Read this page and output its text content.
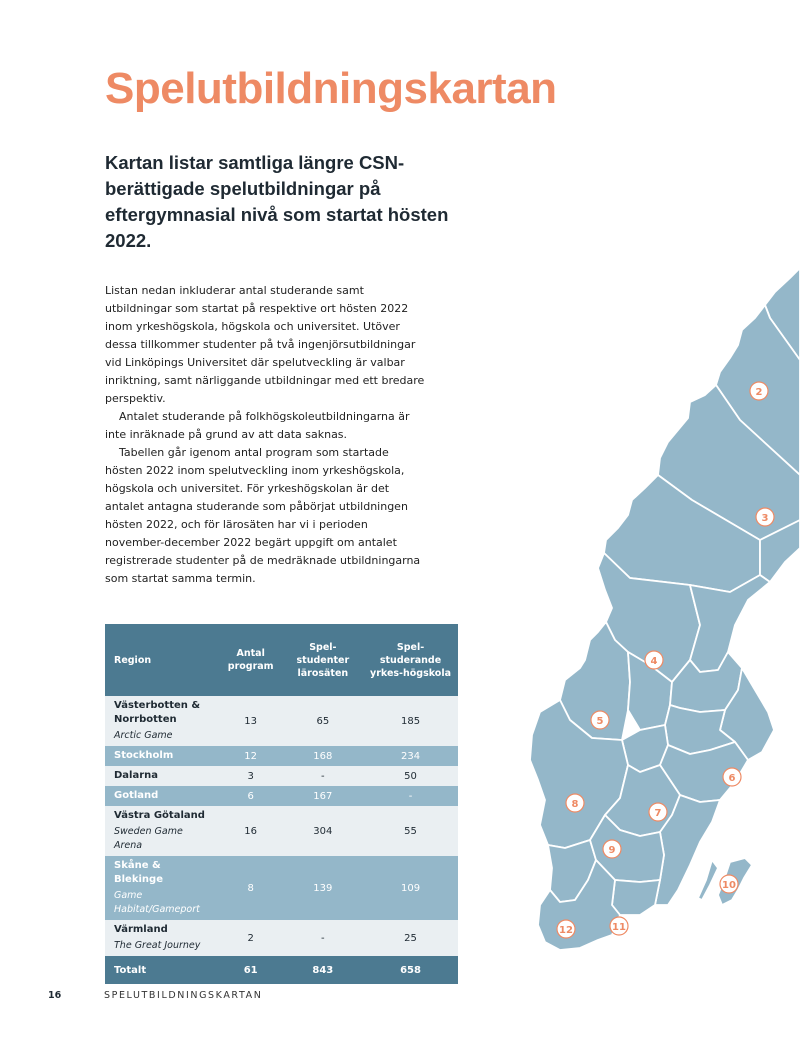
Spelutbildningskartan

Kartan listar samtliga längre CSN-berättigade spelutbildningar på eftergymnasial nivå som startat hösten 2022.

Listan nedan inkluderar antal studerande samt utbildningar som startat på respektive ort hösten 2022 inom yrkeshögskola, högskola och universitet. Utöver dessa tillkommer studenter på två ingenjörsutbildningar vid Linköpings Universitet där spelutveckling är valbar inriktning, samt närliggande utbildningar med ett bredare perspektiv.

Antalet studerande på folkhögskoleutbildningarna är inte inräknade på grund av att data saknas.

Tabellen går igenom antal program som startade hösten 2022 inom spelutveckling inom yrkeshögskola, högskola och universitet. För yrkeshögskolan är det antalet antagna studerande som påbörjat utbildningen hösten 2022, och för lärosäten har vi i perioden november-december 2022 begärt uppgift om antalet registrerade studenter på de medräknade utbildningarna som startat samma termin.

2
3
4
5
6
7
8
9
10
11
12
Region	Antal program	Spel-studenter lärosäten	Spel-studerande yrkes-högskola

Västerbotten & Norrbotten
Arctic Game	13	65	185

Stockholm	12	168	234

Dalarna	3	-	50

Gotland	6	167	-

Västra Götaland
Sweden Game Arena	16	304	55

Skåne & Blekinge
Game Habitat/Gameport	8	139	109

Värmland
The Great Journey	2	-	25
Totalt	61	843	658
16	SPELUTBILDNINGSKARTAN
